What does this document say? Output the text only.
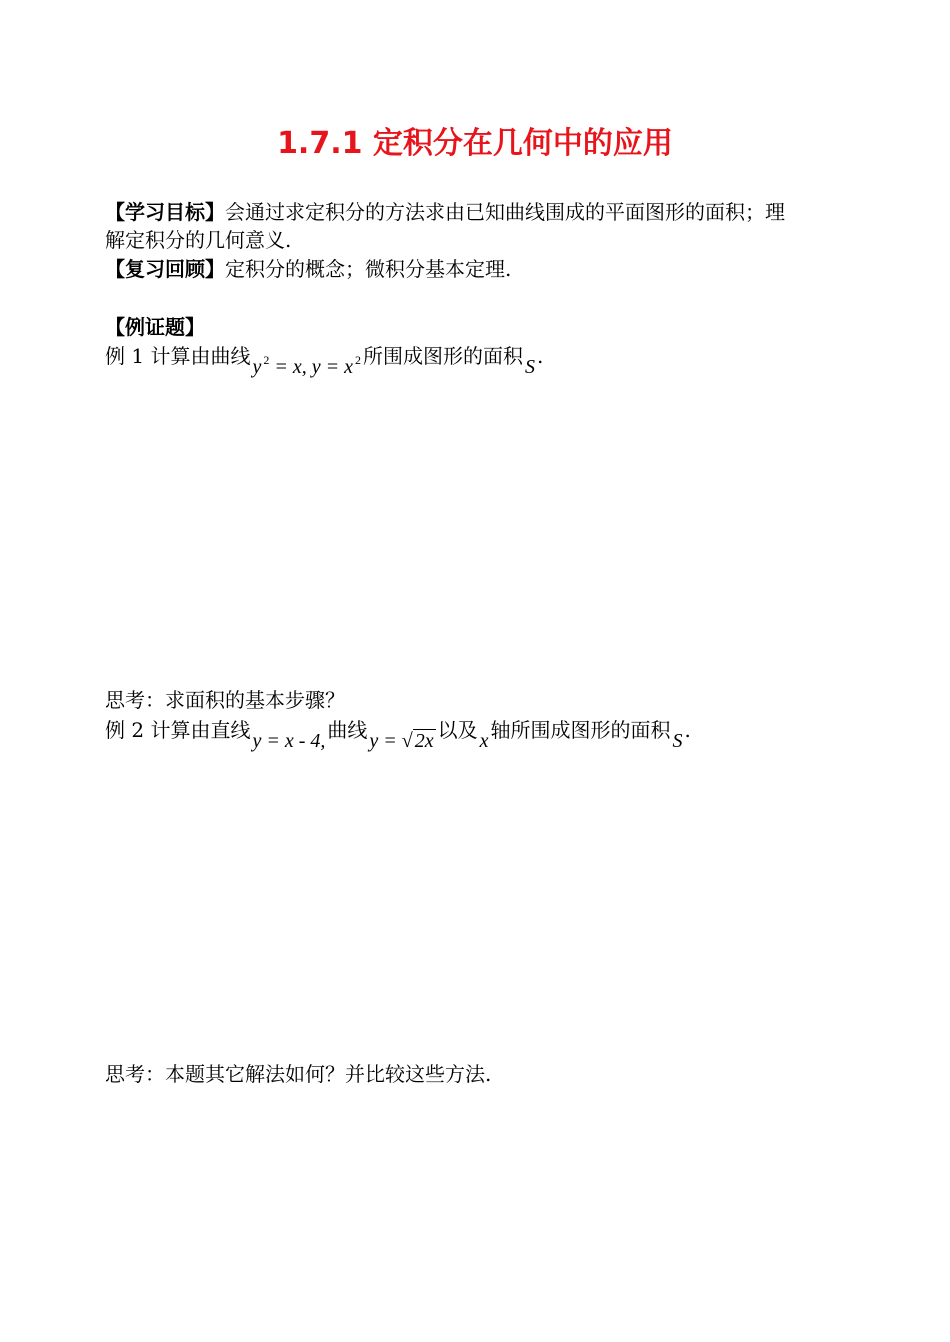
1.7.1 定积分在几何中的应用
【学习目标】会通过求定积分的方法求由已知曲线围成的平面图形的面积；理
解定积分的几何意义.
【复习回顾】定积分的概念；微积分基本定理.
【例证题】
例 1 计算由曲线 y $^2$ = x, y = x $^2$ 所围成图形的面积 S .
思考：求面积的基本步骤？
例 2 计算由直线 y = x - 4, 曲线 y = √ 2x 以及 x 轴所围成图形的面积 S .
思考：本题其它解法如何？并比较这些方法.
